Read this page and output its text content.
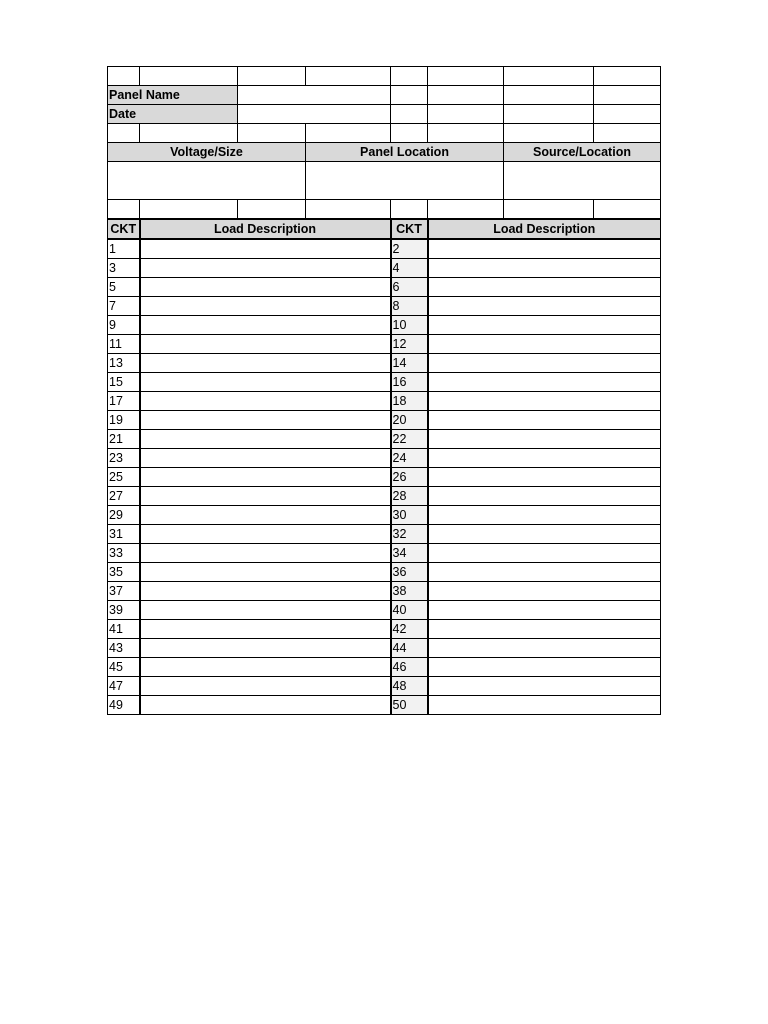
Panel Name							
Date							

Voltage/Size			Panel Location			Source/Location	

CKT	Load Description			CKT	Load Description		
1				2			
3				4			
5				6			
7				8			
9				10			
11				12			
13				14			
15				16			
17				18			
19				20			
21				22			
23				24			
25				26			
27				28			
29				30			
31				32			
33				34			
35				36			
37				38			
39				40			
41				42			
43				44			
45				46			
47				48			
49				50			
